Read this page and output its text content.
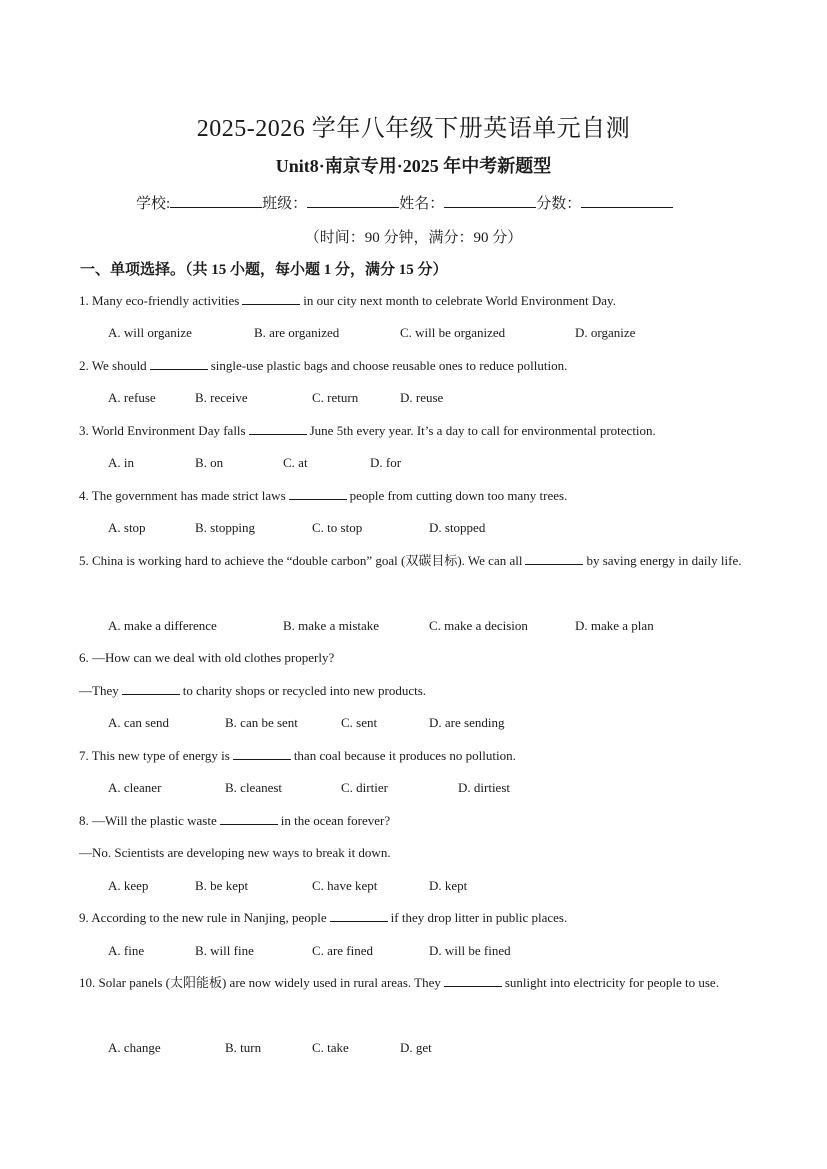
2025-2026 学年八年级下册英语单元自测
Unit8·南京专用·2025 年中考新题型
学校:	班级：	姓名：	分数：
（时间：90 分钟，满分：90 分）
一、单项选择。（共 15 小题，每小题 1 分，满分 15 分）
1. Many eco-friendly activities	in our city next month to celebrate World Environment Day.
A. will organize	B. are organized	C. will be organized	D. organize
2. We should	single-use plastic bags and choose reusable ones to reduce pollution.
A. refuse	B. receive	C. return	D. reuse
3. World Environment Day falls	June 5th every year. It’s a day to call for environmental protection.
A. in	B. on	C. at	D. for
4. The government has made strict laws	people from cutting down too many trees.
A. stop	B. stopping	C. to stop	D. stopped
5. China is working hard to achieve the “double carbon” goal (双碳目标). We can all	by saving energy in daily life.
A. make a difference	B. make a mistake	C. make a decision	D. make a plan
6. —How can we deal with old clothes properly?
—They	to charity shops or recycled into new products.
A. can send	B. can be sent	C. sent	D. are sending
7. This new type of energy is	than coal because it produces no pollution.
A. cleaner	B. cleanest	C. dirtier	D. dirtiest
8. —Will the plastic waste	in the ocean forever?
—No. Scientists are developing new ways to break it down.
A. keep	B. be kept	C. have kept	D. kept
9. According to the new rule in Nanjing, people	if they drop litter in public places.
A. fine	B. will fine	C. are fined	D. will be fined
10. Solar panels (太阳能板) are now widely used in rural areas. They	sunlight into electricity for people to use.
A. change	B. turn	C. take	D. get
